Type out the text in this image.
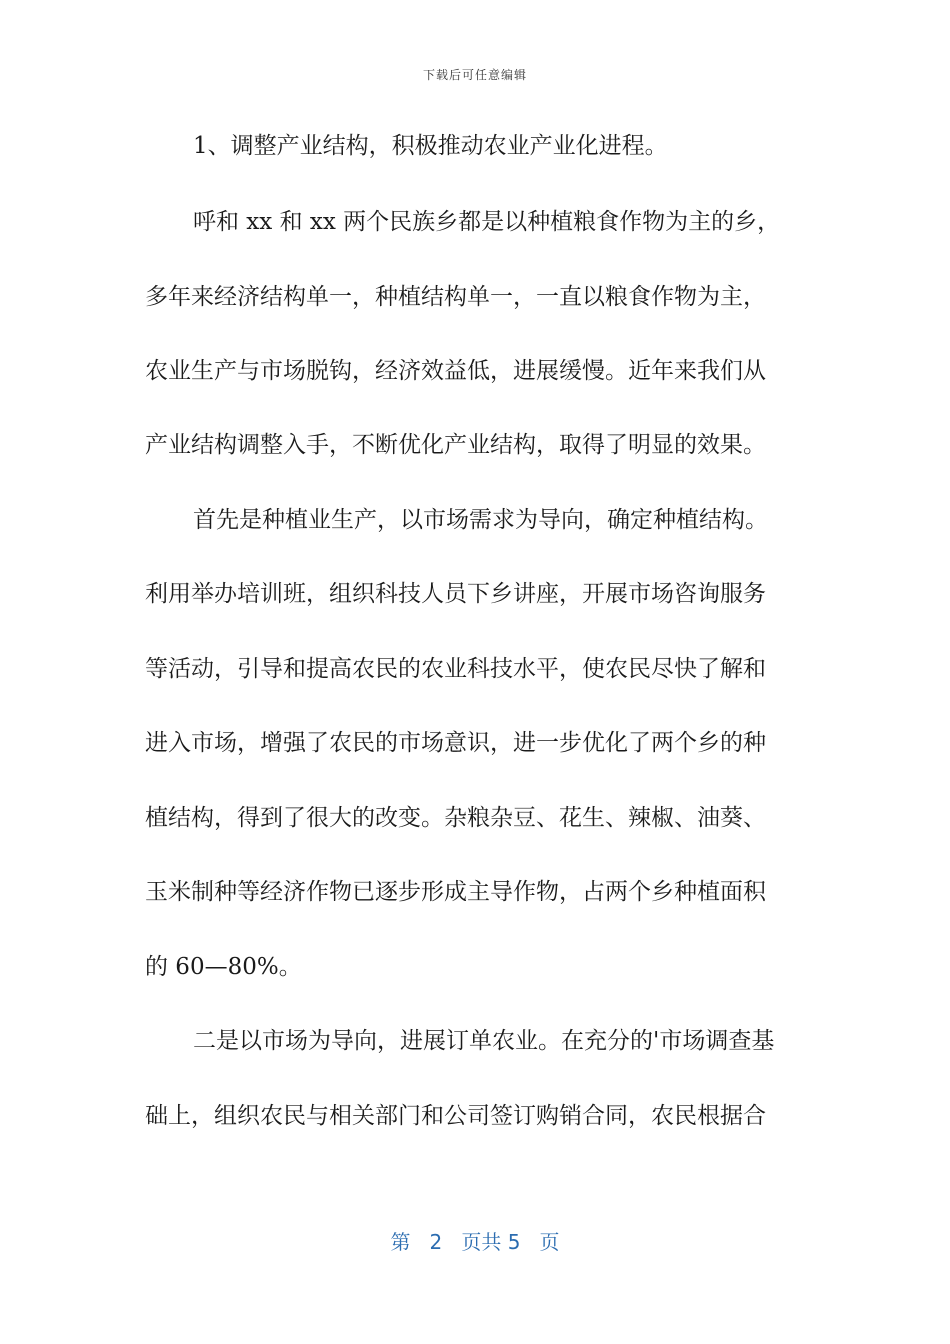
下载后可任意编辑
1、调整产业结构，积极推动农业产业化进程。
呼和 xx 和 xx 两个民族乡都是以种植粮食作物为主的乡，
多年来经济结构单一，种植结构单一，一直以粮食作物为主，
农业生产与市场脱钩，经济效益低，进展缓慢。近年来我们从
产业结构调整入手，不断优化产业结构，取得了明显的效果。
首先是种植业生产，以市场需求为导向，确定种植结构。
利用举办培训班，组织科技人员下乡讲座，开展市场咨询服务
等活动，引导和提高农民的农业科技水平，使农民尽快了解和
进入市场，增强了农民的市场意识，进一步优化了两个乡的种
植结构，得到了很大的改变。杂粮杂豆、花生、辣椒、油葵、
玉米制种等经济作物已逐步形成主导作物，占两个乡种植面积
的 60—80%。
二是以市场为导向，进展订单农业。在充分的'市场调查基
础上，组织农民与相关部门和公司签订购销合同，农民根据合
第 2 页共 5 页
